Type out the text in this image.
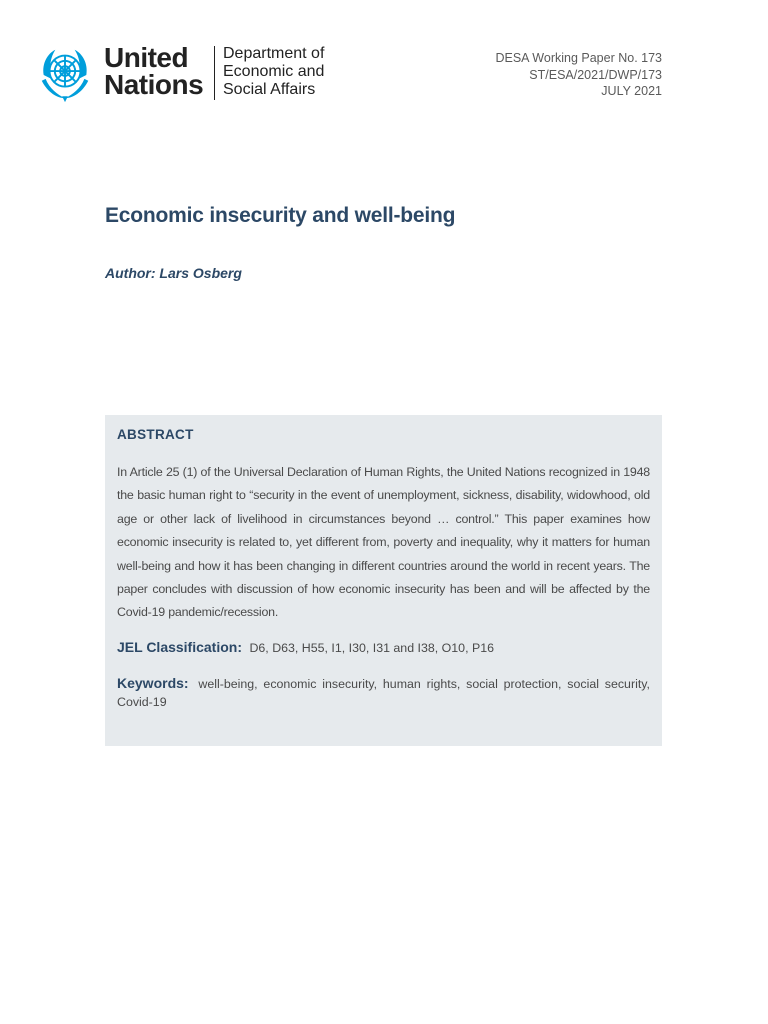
United
Nations
Department of
Economic and
Social Affairs
DESA Working Paper No. 173
ST/ESA/2021/DWP/173
JULY 2021
Economic insecurity and well-being
Author: Lars Osberg
ABSTRACT

In Article 25 (1) of the Universal Declaration of Human Rights, the United Nations recognized in 1948 the basic human right to “security in the event of unemployment, sickness, disability, widowhood, old age or other lack of livelihood in circumstances beyond … control.” This paper examines how economic insecurity is related to, yet different from, poverty and inequality, why it matters for human well-being and how it has been changing in different countries around the world in recent years. The paper concludes with discussion of how economic insecurity has been and will be affected by the Covid-19 pandemic/recession.

JEL Classification: D6, D63, H55, I1, I30, I31 and I38, O10, P16

Keywords: well-being, economic insecurity, human rights, social protection, social security, Covid-19
